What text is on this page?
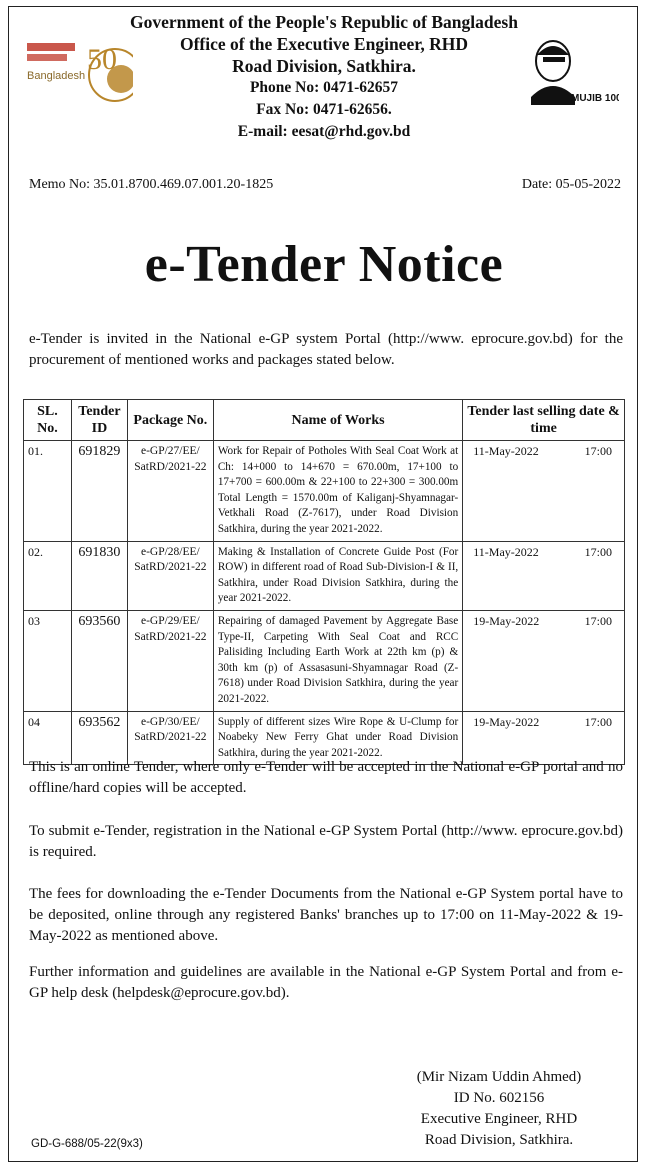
50
Bangladesh
Government of the People's Republic of Bangladesh
Office of the Executive Engineer, RHD
Road Division, Satkhira.
Phone No: 0471-62657
Fax No: 0471-62656.
E-mail: eesat@rhd.gov.bd
MUJIB 100
Memo No: 35.01.8700.469.07.001.20-1825	Date: 05-05-2022
e-Tender Notice
e-Tender is invited in the National e-GP system Portal (http://www. eprocure.gov.bd) for the procurement of mentioned works and packages stated below.
SL. No.	Tender ID	Package No.	Name of Works	Tender last selling date & time
01.	691829	e-GP/27/EE/ SatRD/2021-22	Work for Repair of Potholes With Seal Coat Work at Ch: 14+000 to 14+670 = 670.00m, 17+100 to 17+700 = 600.00m & 22+100 to 22+300 = 300.00m Total Length = 1570.00m of Kaliganj-Shyamnagar-Vetkhali Road (Z-7617), under Road Division Satkhira, during the year 2021-2022.	11-May-2022 17:00

02.	691830	e-GP/28/EE/ SatRD/2021-22	Making & Installation of Concrete Guide Post (For ROW) in different road of Road Sub-Division-I & II, Satkhira, under Road Division Satkhira, during the year 2021-2022.	11-May-2022 17:00

03	693560	e-GP/29/EE/ SatRD/2021-22	Repairing of damaged Pavement by Aggregate Base Type-II, Carpeting With Seal Coat and RCC Palisiding Including Earth Work at 22th km (p) & 30th km (p) of Assasasuni-Shyamnagar Road (Z-7618) under Road Division Satkhira, during the year 2021-2022.	19-May-2022 17:00

04	693562	e-GP/30/EE/ SatRD/2021-22	Supply of different sizes Wire Rope & U-Clump for Noabeky New Ferry Ghat under Road Division Satkhira, during the year 2021-2022.	19-May-2022 17:00
This is an online Tender, where only e-Tender will be accepted in the National e-GP portal and no offline/hard copies will be accepted.
To submit e-Tender, registration in the National e-GP System Portal (http://www. eprocure.gov.bd) is required.
The fees for downloading the e-Tender Documents from the National e-GP System portal have to be deposited, online through any registered Banks' branches up to 17:00 on 11-May-2022 & 19-May-2022 as mentioned above.
Further information and guidelines are available in the National e-GP System Portal and from e-GP help desk (helpdesk@eprocure.gov.bd).
(Mir Nizam Uddin Ahmed)
ID No. 602156
Executive Engineer, RHD
Road Division, Satkhira.
GD-G-688/05-22(9x3)
